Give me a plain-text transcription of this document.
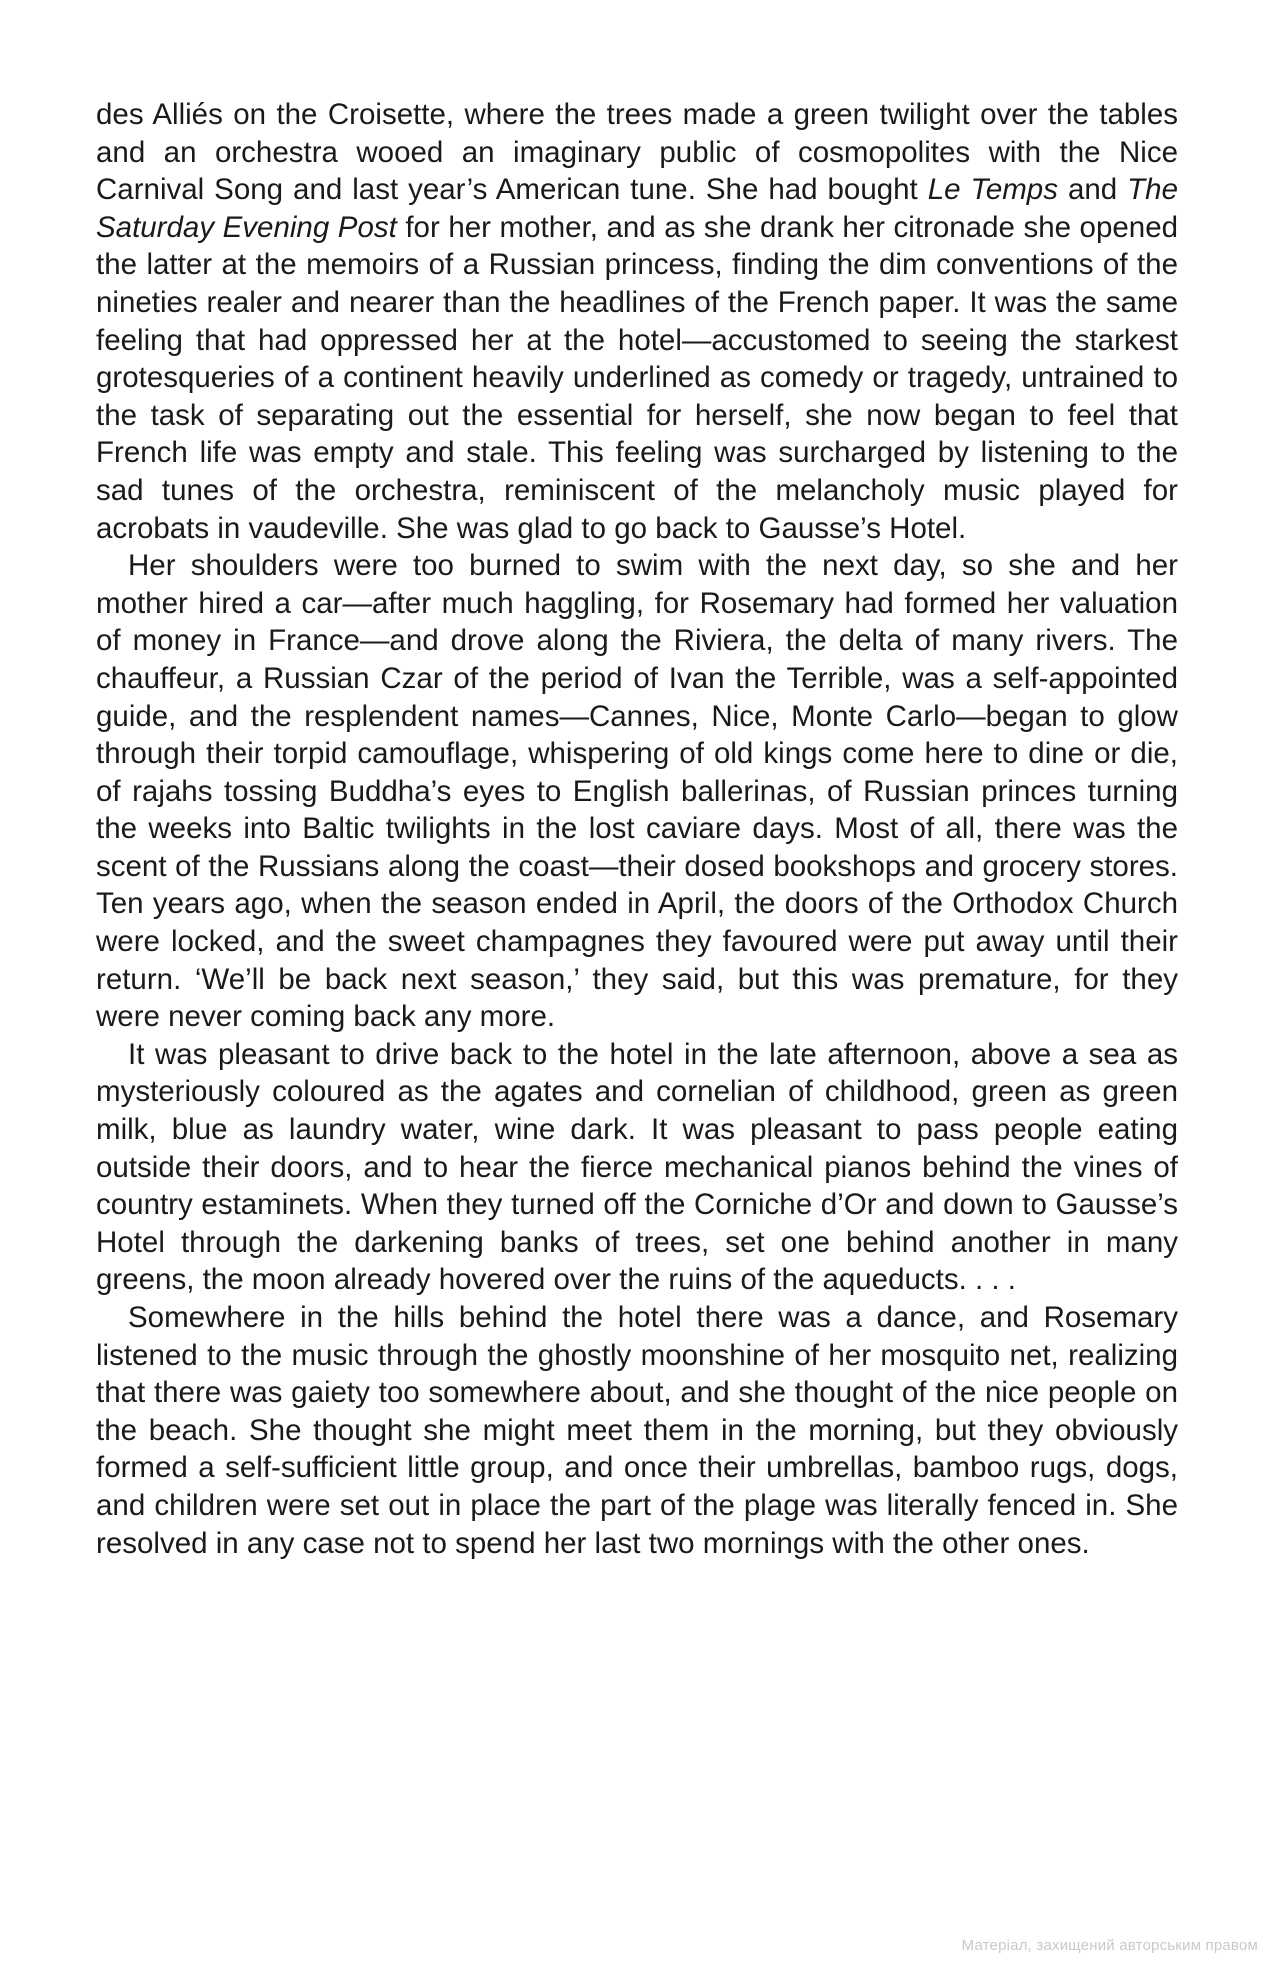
des Alliés on the Croisette, where the trees made a green twilight over the tables and an orchestra wooed an imaginary public of cosmopolites with the Nice Carnival Song and last year’s American tune. She had bought Le Temps and The Saturday Evening Post for her mother, and as she drank her citronade she opened the latter at the memoirs of a Russian princess, finding the dim conventions of the nineties realer and nearer than the headlines of the French paper. It was the same feeling that had oppressed her at the hotel—accustomed to seeing the starkest grotesqueries of a continent heavily underlined as comedy or tragedy, untrained to the task of separating out the essential for herself, she now began to feel that French life was empty and stale. This feeling was surcharged by listening to the sad tunes of the orchestra, reminiscent of the melancholy music played for acrobats in vaudeville. She was glad to go back to Gausse’s Hotel.

Her shoulders were too burned to swim with the next day, so she and her mother hired a car—after much haggling, for Rosemary had formed her valuation of money in France—and drove along the Riviera, the delta of many rivers. The chauffeur, a Russian Czar of the period of Ivan the Terrible, was a self-appointed guide, and the resplendent names—Cannes, Nice, Monte Carlo—began to glow through their torpid camouflage, whispering of old kings come here to dine or die, of rajahs tossing Buddha’s eyes to English ballerinas, of Russian princes turning the weeks into Baltic twilights in the lost caviare days. Most of all, there was the scent of the Russians along the coast—their dosed bookshops and grocery stores. Ten years ago, when the season ended in April, the doors of the Orthodox Church were locked, and the sweet champagnes they favoured were put away until their return. ‘We’ll be back next season,’ they said, but this was premature, for they were never coming back any more.

It was pleasant to drive back to the hotel in the late afternoon, above a sea as mysteriously coloured as the agates and cornelian of childhood, green as green milk, blue as laundry water, wine dark. It was pleasant to pass people eating outside their doors, and to hear the fierce mechanical pianos behind the vines of country estaminets. When they turned off the Corniche d’Or and down to Gausse’s Hotel through the darkening banks of trees, set one behind another in many greens, the moon already hovered over the ruins of the aqueducts. . . .

Somewhere in the hills behind the hotel there was a dance, and Rosemary listened to the music through the ghostly moonshine of her mosquito net, realizing that there was gaiety too somewhere about, and she thought of the nice people on the beach. She thought she might meet them in the morning, but they obviously formed a self-sufficient little group, and once their umbrellas, bamboo rugs, dogs, and children were set out in place the part of the plage was literally fenced in. She resolved in any case not to spend her last two mornings with the other ones.

Матеріал, захищений авторським правом
